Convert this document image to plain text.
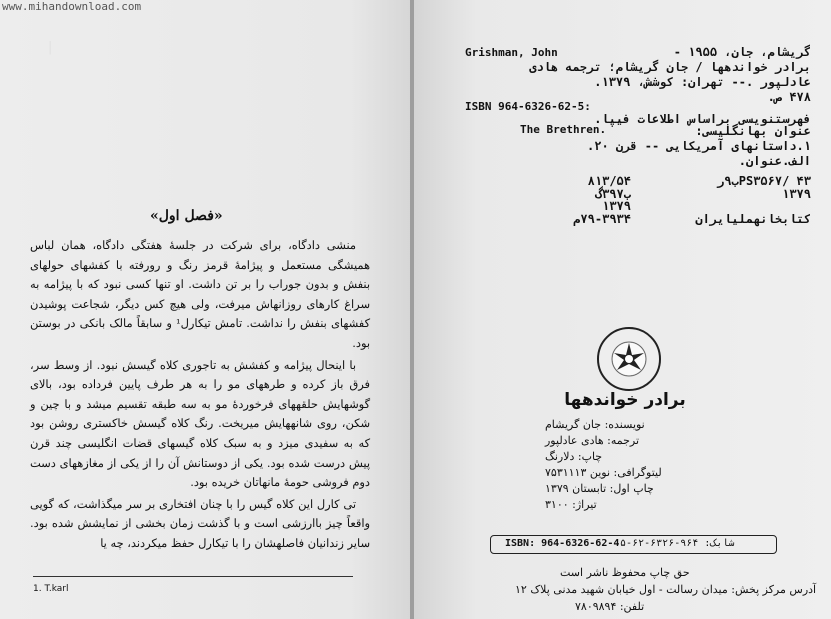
www.mihandownload.com
|
«فصل اول»

منشی دادگاه، برای شرکت در جلسهٔ هفتگی دادگاه، همان لباس همیشگی مستعمل و پیژامهٔ قرمز رنگ و رورفته با کفشهای حولهای بنفش و بدون جوراب را بر تن داشت. او تنها کسی نبود که با پیژامه به سراغ کارهای روزانهاش میرفت، ولی هیچ کس دیگر، شجاعت پوشیدن کفشهای بنفش را نداشت. تامش تیکارل¹ و سابقاً مالک بانکی در بوستن بود.

با اینحال پیژامه و کفشش به تاجوری کلاه گیسش نبود. از وسط سر، فرق باز کرده و طرههای مو را به هر طرف پایین فرداده بود، بالای گوشهایش حلقههای فرخوردهٔ مو به سه طبقه تقسیم میشد و با چین و شکن، روی شانههایش میریخت. رنگ کلاه گیسش خاکستری روشن بود که به سفیدی میزد و به سبک کلاه گیسهای قضات انگلیسی چند قرن پیش درست شده بود. یکی از دوستانش آن را از یکی از مغازههای دست دوم فروشی حومهٔ مانهاتان خریده بود.

تی کارل این کلاه گیس را با چنان افتخاری بر سر میگذاشت، که گویی واقعاً چیز باارزشی است و با گذشت زمان بخشی از نمایشش شده بود. سایر زندانیان فاصلهشان را با تیکارل حفظ میکردند، چه یا

1. T.karl
Grishman, John	گریشام، جان، ۱۹۵۵ -
برادر خواندهها / جان گریشام؛ ترجمه هادی
عادلپور .-- تهران: کوشش، ۱۳۷۹.
۴۷۸ ص.
ISBN 964-6326-62-5:
فهرستنویسی براساس اطلاعات فیپا.
عنوان بهانگلیسی:
The Brethren.
۱.داستانهای آمریکایی -- قرن ۲۰.
الف.عنوان.
PS۳۵۶۷/ ۴۳ب۹ر
۱۳۷۹
۸۱۳/۵۴
ب۳۹۷گ
۱۳۷۹
کتابخانهملیایران
۷۹-۳۹۳۴م
برادر خواندهها
نویسنده: جان گریشام
ترجمه: هادی عادلپور
چاپ: دلارنگ
لیتوگرافی: نوین ۷۵۳۱۱۱۳
چاپ اول: تابستان ۱۳۷۹
تیراژ: ۳۱۰۰
ISBN: 964-6326-62-4 شابک: ۹۶۴-۶۳۲۶-۶۲-۵
حق چاپ محفوظ ناشر است
آدرس مرکز پخش: میدان رسالت - اول خیابان شهید مدنی پلاک ۱۲
تلفن: ۷۸۰۹۸۹۴
